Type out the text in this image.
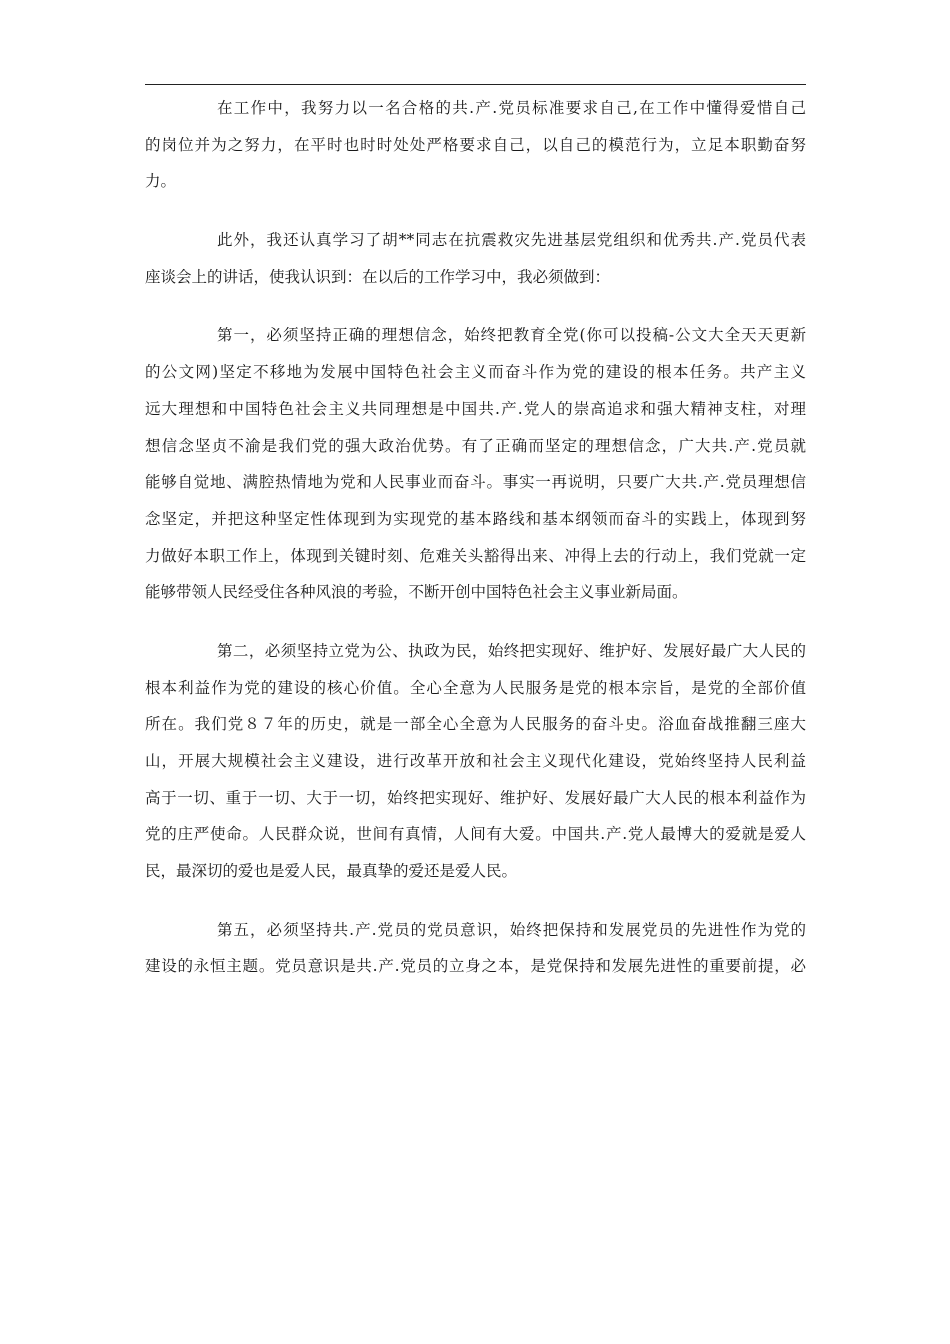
在工作中，我努力以一名合格的共.产.党员标准要求自己,在工作中懂得爱惜自己
的岗位并为之努力，在平时也时时处处严格要求自己，以自己的模范行为，立足本职勤奋努
力。
此外，我还认真学习了胡**同志在抗震救灾先进基层党组织和优秀共.产.党员代表
座谈会上的讲话，使我认识到：在以后的工作学习中，我必须做到：
第一，必须坚持正确的理想信念，始终把教育全党(你可以投稿-公文大全天天更新
的公文网)坚定不移地为发展中国特色社会主义而奋斗作为党的建设的根本任务。共产主义
远大理想和中国特色社会主义共同理想是中国共.产.党人的崇高追求和强大精神支柱，对理
想信念坚贞不渝是我们党的强大政治优势。有了正确而坚定的理想信念，广大共.产.党员就
能够自觉地、满腔热情地为党和人民事业而奋斗。事实一再说明，只要广大共.产.党员理想信
念坚定，并把这种坚定性体现到为实现党的基本路线和基本纲领而奋斗的实践上，体现到努
力做好本职工作上，体现到关键时刻、危难关头豁得出来、冲得上去的行动上，我们党就一定
能够带领人民经受住各种风浪的考验，不断开创中国特色社会主义事业新局面。
第二，必须坚持立党为公、执政为民，始终把实现好、维护好、发展好最广大人民的
根本利益作为党的建设的核心价值。全心全意为人民服务是党的根本宗旨，是党的全部价值
所在。我们党８７年的历史，就是一部全心全意为人民服务的奋斗史。浴血奋战推翻三座大
山，开展大规模社会主义建设，进行改革开放和社会主义现代化建设，党始终坚持人民利益
高于一切、重于一切、大于一切，始终把实现好、维护好、发展好最广大人民的根本利益作为
党的庄严使命。人民群众说，世间有真情，人间有大爱。中国共.产.党人最博大的爱就是爱人
民，最深切的爱也是爱人民，最真挚的爱还是爱人民。
第五，必须坚持共.产.党员的党员意识，始终把保持和发展党员的先进性作为党的
建设的永恒主题。党员意识是共.产.党员的立身之本，是党保持和发展先进性的重要前提，必
